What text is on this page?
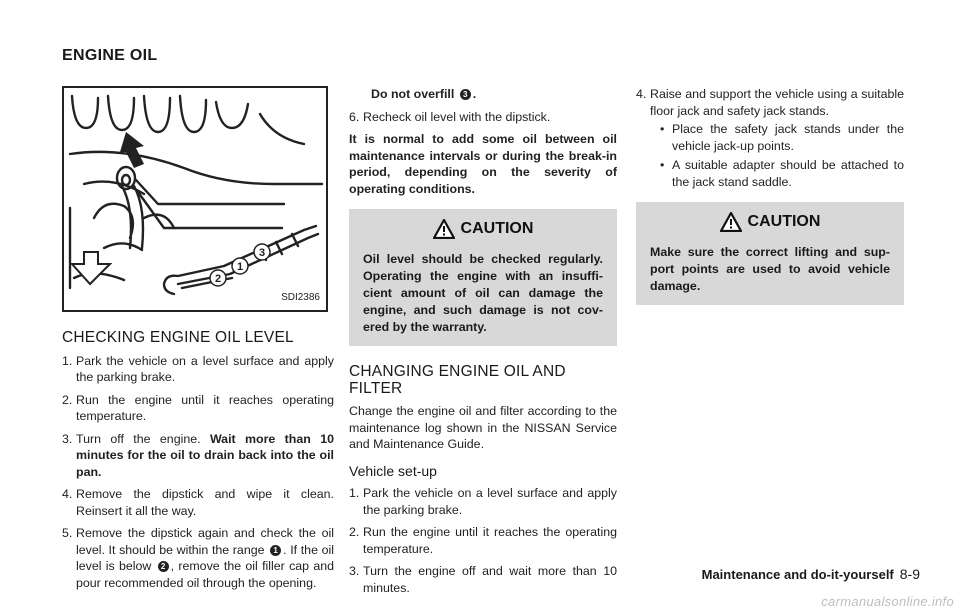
ENGINE OIL
1
2
3
SDI2386
CHECKING ENGINE OIL LEVEL
1. Park the vehicle on a level surface and apply the parking brake.
2. Run the engine until it reaches operating temperature.
3. Turn off the engine. Wait more than 10 minutes for the oil to drain back into the oil pan.
4. Remove the dipstick and wipe it clean. Reinsert it all the way.
5. Remove the dipstick again and check the oil level. It should be within the range 1 . If the oil level is below 2 , remove the oil filler cap and pour recommended oil through the opening.
Do not overfill 3 .
6. Recheck oil level with the dipstick.

It is normal to add some oil between oil maintenance intervals or during the break-in period, depending on the severity of operating conditions.

CAUTION
Oil level should be checked regularly. Operating the engine with an insuffi-cient amount of oil can damage the engine, and such damage is not cov-ered by the warranty.
CHANGING ENGINE OIL AND FILTER

Change the engine oil and filter according to the maintenance log shown in the NISSAN Service and Maintenance Guide.

Vehicle set-up
1. Park the vehicle on a level surface and apply the parking brake.
2. Run the engine until it reaches the operating temperature.
3. Turn the engine off and wait more than 10 minutes.
4. Raise and support the vehicle using a suitable floor jack and safety jack stands.
• Place the safety jack stands under the vehicle jack-up points.
• A suitable adapter should be attached to the jack stand saddle.
CAUTION
Make sure the correct lifting and sup-port points are used to avoid vehicle damage.
Maintenance and do-it-yourself 8-9
carmanualsonline.info
